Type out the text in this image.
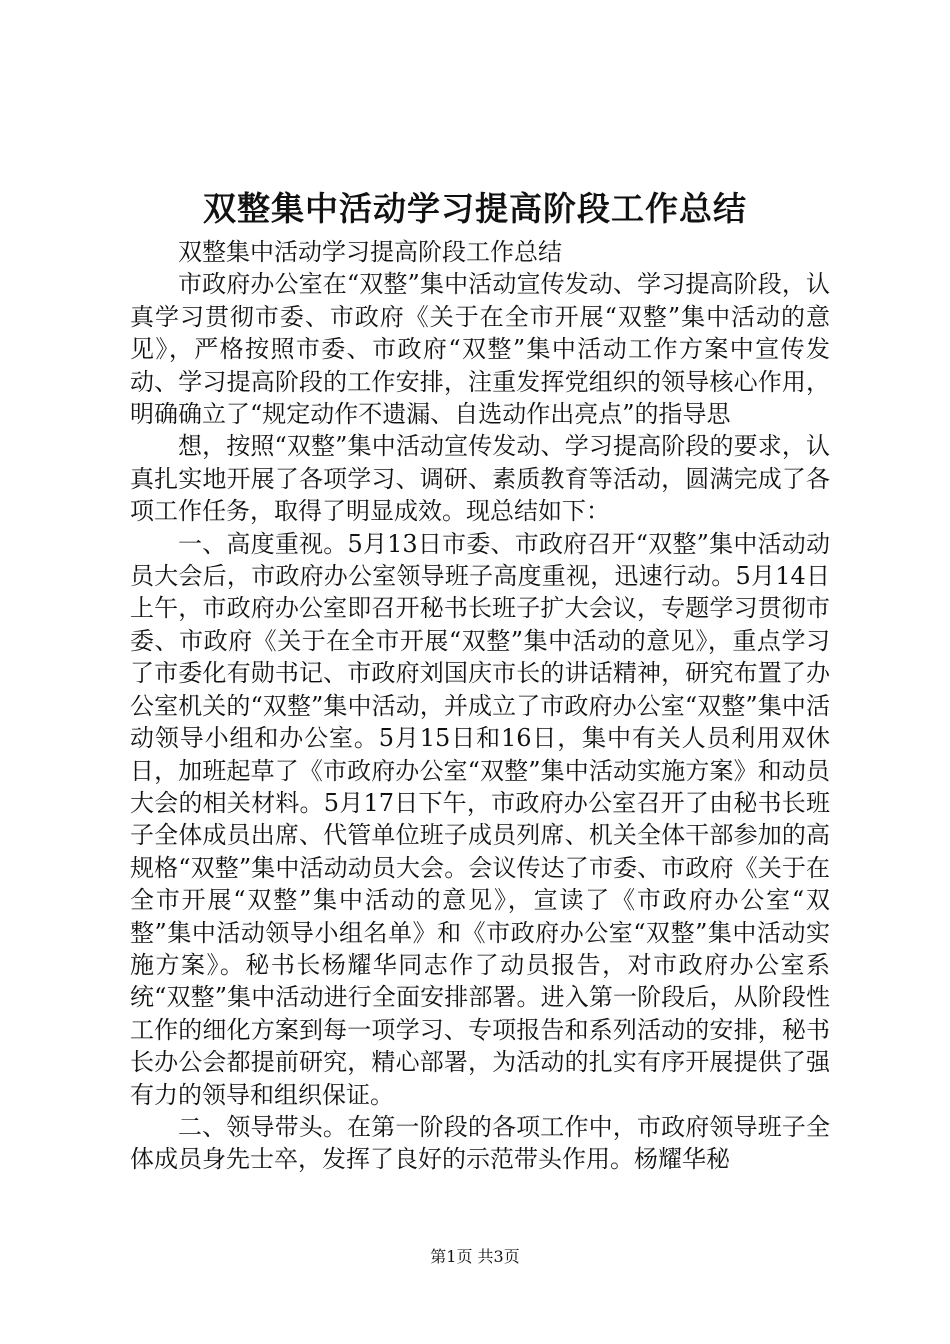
双整集中活动学习提高阶段工作总结

双整集中活动学习提高阶段工作总结

市政府办公室在“双整”集中活动宣传发动、学习提高阶段，认真学习贯彻市委、市政府《关于在全市开展“双整”集中活动的意见》，严格按照市委、市政府“双整”集中活动工作方案中宣传发动、学习提高阶段的工作安排，注重发挥党组织的领导核心作用，明确确立了“规定动作不遗漏、自选动作出亮点”的指导思

想，按照“双整”集中活动宣传发动、学习提高阶段的要求，认真扎实地开展了各项学习、调研、素质教育等活动，圆满完成了各项工作任务，取得了明显成效。现总结如下：

一、高度重视。5月13日市委、市政府召开“双整”集中活动动员大会后，市政府办公室领导班子高度重视，迅速行动。5月14日上午，市政府办公室即召开秘书长班子扩大会议，专题学习贯彻市委、市政府《关于在全市开展“双整”集中活动的意见》，重点学习了市委化有勋书记、市政府刘国庆市长的讲话精神，研究布置了办公室机关的“双整”集中活动，并成立了市政府办公室“双整”集中活动领导小组和办公室。5月15日和16日，集中有关人员利用双休日，加班起草了《市政府办公室“双整”集中活动实施方案》和动员大会的相关材料。5月17日下午，市政府办公室召开了由秘书长班子全体成员出席、代管单位班子成员列席、机关全体干部参加的高规格“双整”集中活动动员大会。会议传达了市委、市政府《关于在全市开展“双整”集中活动的意见》，宣读了《市政府办公室“双整”集中活动领导小组名单》和《市政府办公室“双整”集中活动实施方案》。秘书长杨耀华同志作了动员报告，对市政府办公室系统“双整”集中活动进行全面安排部署。进入第一阶段后，从阶段性工作的细化方案到每一项学习、专项报告和系列活动的安排，秘书长办公会都提前研究，精心部署，为活动的扎实有序开展提供了强有力的领导和组织保证。

二、领导带头。在第一阶段的各项工作中，市政府领导班子全体成员身先士卒，发挥了良好的示范带头作用。杨耀华秘

第1页 共3页
